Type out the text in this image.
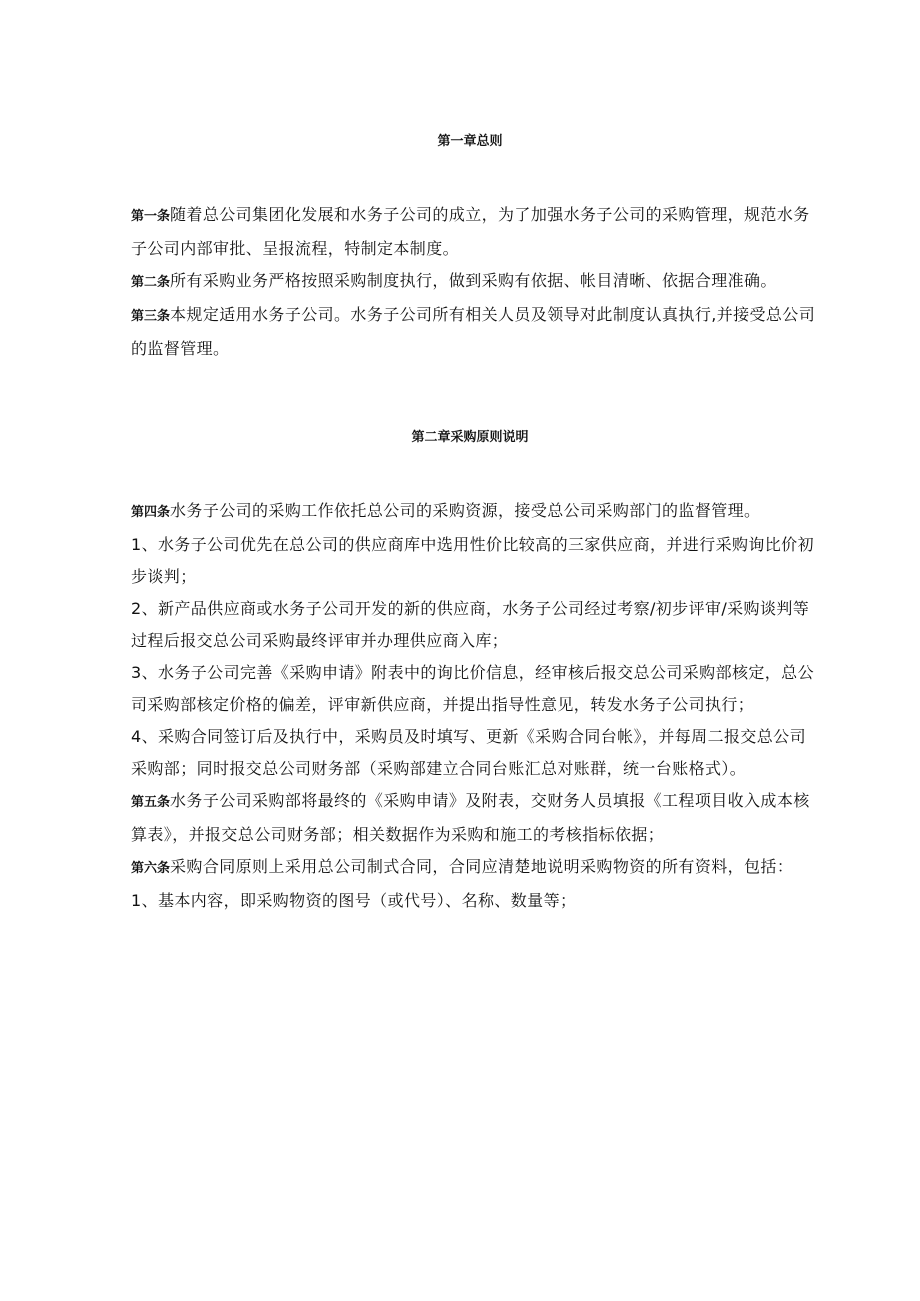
第一章总则

第一条随着总公司集团化发展和水务子公司的成立，为了加强水务子公司的采购管理，规范水务子公司内部审批、呈报流程，特制定本制度。

第二条所有采购业务严格按照采购制度执行，做到采购有依据、帐目清晰、依据合理准确。

第三条本规定适用水务子公司。水务子公司所有相关人员及领导对此制度认真执行,并接受总公司的监督管理。

第二章采购原则说明

第四条水务子公司的采购工作依托总公司的采购资源，接受总公司采购部门的监督管理。

1、水务子公司优先在总公司的供应商库中选用性价比较高的三家供应商，并进行采购询比价初步谈判；

2、新产品供应商或水务子公司开发的新的供应商，水务子公司经过考察/初步评审/采购谈判等过程后报交总公司采购最终评审并办理供应商入库；

3、水务子公司完善《采购申请》附表中的询比价信息，经审核后报交总公司采购部核定，总公司采购部核定价格的偏差，评审新供应商，并提出指导性意见，转发水务子公司执行；

4、采购合同签订后及执行中，采购员及时填写、更新《采购合同台帐》，并每周二报交总公司采购部；同时报交总公司财务部（采购部建立合同台账汇总对账群，统一台账格式）。

第五条水务子公司采购部将最终的《采购申请》及附表，交财务人员填报《工程项目收入成本核算表》，并报交总公司财务部；相关数据作为采购和施工的考核指标依据；

第六条采购合同原则上采用总公司制式合同，合同应清楚地说明采购物资的所有资料，包括：

1、基本内容，即采购物资的图号（或代号）、名称、数量等；
